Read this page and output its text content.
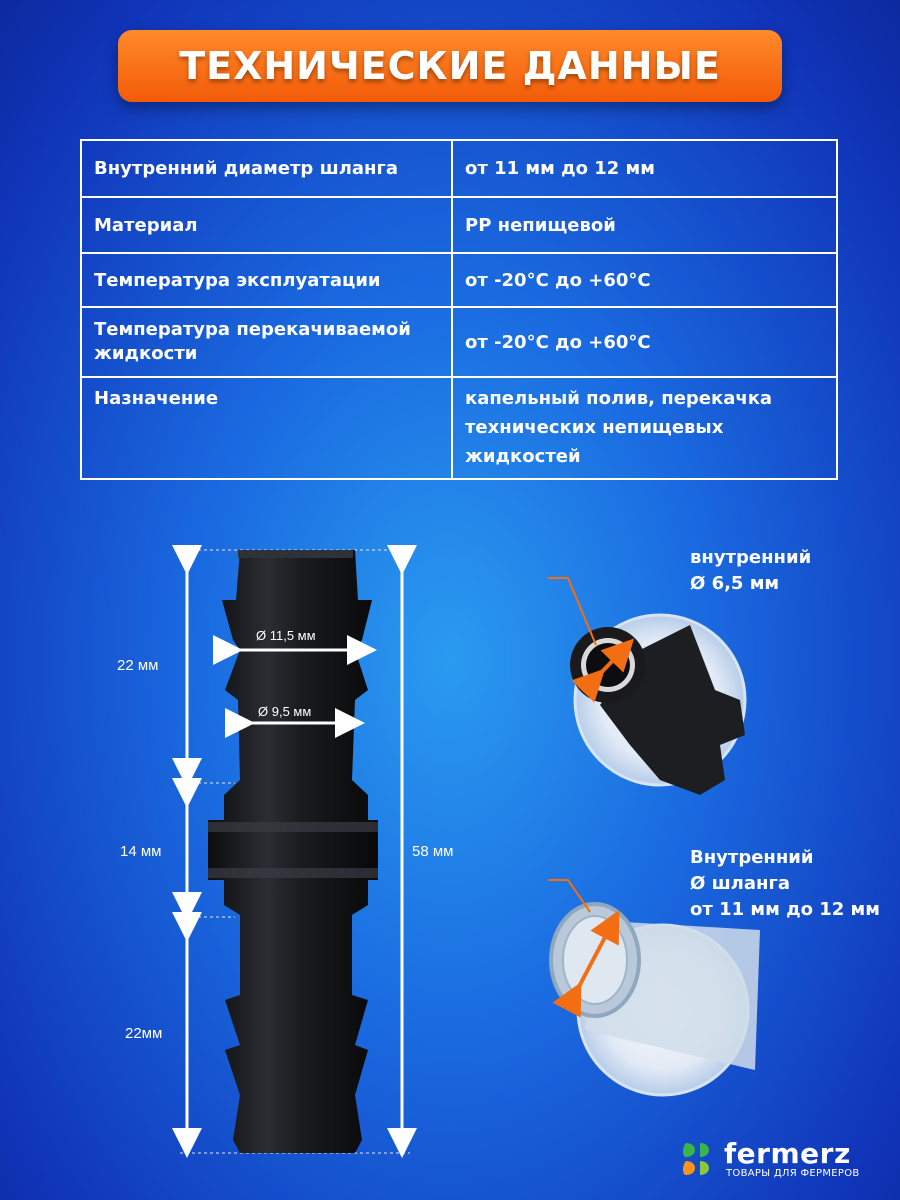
ТЕХНИЧЕСКИЕ ДАННЫЕ
Внутренний диаметр шланга	от 11 мм до 12 мм
Материал	PP непищевой
Температура эксплуатации	от -20°C до +60°C
Температура перекачиваемой жидкости	от -20°C до +60°C
Назначение	капельный полив, перекачка технических непищевых жидкостей
22 мм
14 мм
22мм
58 мм
Ø 11,5 мм
Ø 9,5 мм
внутренний
Ø 6,5 мм
Внутренний
Ø шланга
от 11 мм до 12 мм
fermerz
ТОВАРЫ ДЛЯ ФЕРМЕРОВ
